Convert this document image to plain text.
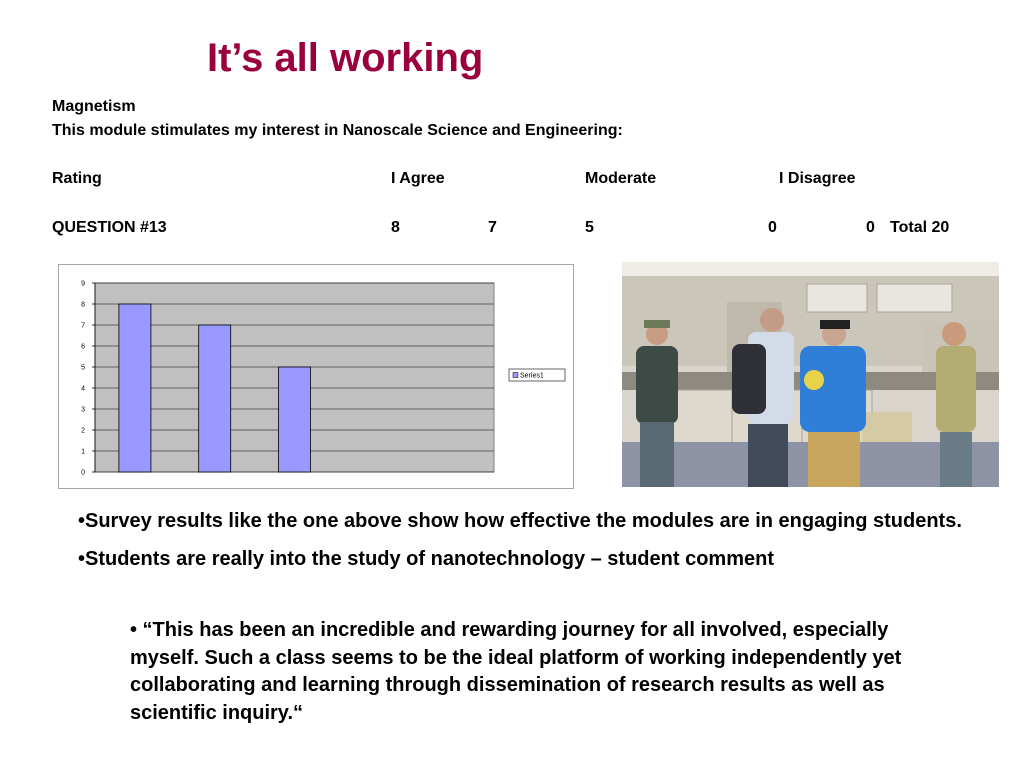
It’s all working
Magnetism
This module stimulates my interest in Nanoscale Science and Engineering:
Rating	I Agree	Moderate	I Disagree
QUESTION #13	8	7	5	0	0 Total 20
0
1
2
3
4
5
6
7
8
9
Series1

•Survey results like the one above show how effective the modules are in engaging students.

•Students are really into the study of nanotechnology – student comment

• “This has been an incredible and rewarding journey for all involved, especially myself. Such a class seems to be the ideal platform of working independently yet collaborating and learning through dissemination of research results as well as scientific inquiry.“
